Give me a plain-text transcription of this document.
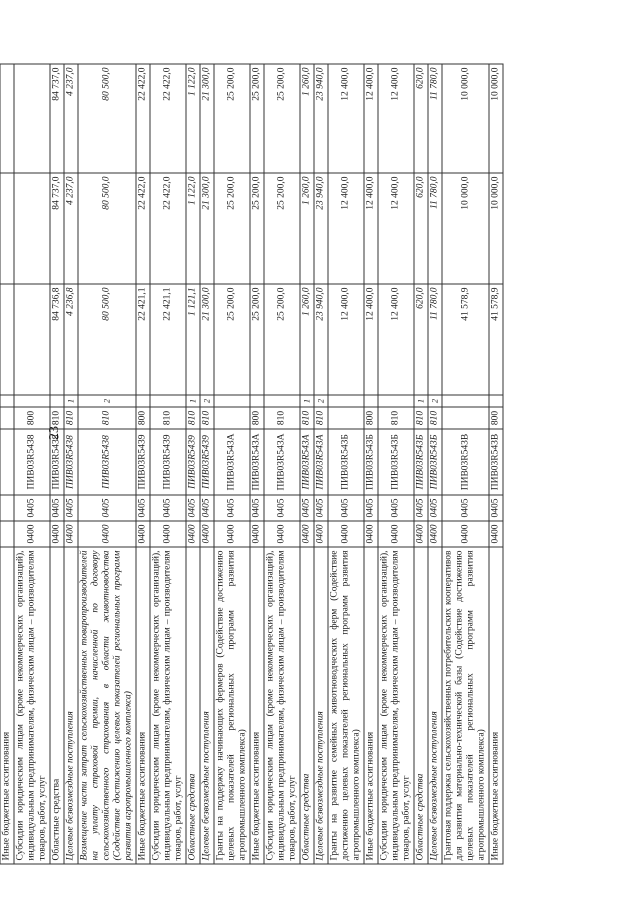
23
Иные бюджетные ассигнования								
Субсидии юридическим лицам (кроме некоммерческих организаций), индивидуальным предпринимателям, физическим лицам – производителям товаров, работ, услуг	0400	0405	ПИВ03R5438	800				
Областные средства	0400	0405	ПИВ03R5438	810		84 736,8	84 737,0	84 737,0
Целевые безвозмездные поступления	0400	0405	ПИВ03R5438	810	1	4 236,8	4 237,0	4 237,0
Возмещение части затрат сельскохозяйственных товаропроизводителей на уплату страховой премии, начисленной по договору сельскохозяйственного страхования в области животноводства (Содействие достижению целевых показателей региональных программ развития агропромышленного комплекса)	0400	0405	ПИВ03R5438	810	2	80 500,0	80 500,0	80 500,0
Иные бюджетные ассигнования	0400	0405	ПИВ03R5439	800		22 421,1	22 422,0	22 422,0
Субсидии юридическим лицам (кроме некоммерческих организаций), индивидуальным предпринимателям, физическим лицам – производителям товаров, работ, услуг	0400	0405	ПИВ03R5439	810		22 421,1	22 422,0	22 422,0
Областные средства	0400	0405	ПИВ03R5439	810	1	1 121,1	1 122,0	1 122,0
Целевые безвозмездные поступления	0400	0405	ПИВ03R5439	810	2	21 300,0	21 300,0	21 300,0
Гранты на поддержку начинающих фермеров (Содействие достижению целевых показателей региональных программ развития агропромышленного комплекса)	0400	0405	ПИВ03R543А			25 200,0	25 200,0	25 200,0
Иные бюджетные ассигнования	0400	0405	ПИВ03R543А	800		25 200,0	25 200,0	25 200,0
Субсидии юридическим лицам (кроме некоммерческих организаций), индивидуальным предпринимателям, физическим лицам – производителям товаров, работ, услуг	0400	0405	ПИВ03R543А	810		25 200,0	25 200,0	25 200,0
Областные средства	0400	0405	ПИВ03R543А	810	1	1 260,0	1 260,0	1 260,0
Целевые безвозмездные поступления	0400	0405	ПИВ03R543А	810	2	23 940,0	23 940,0	23 940,0
Гранты на развитие семейных животноводческих ферм (Содействие достижению целевых показателей региональных программ развития агропромышленного комплекса)	0400	0405	ПИВ03R543Б			12 400,0	12 400,0	12 400,0
Иные бюджетные ассигнования	0400	0405	ПИВ03R543Б	800		12 400,0	12 400,0	12 400,0
Субсидии юридическим лицам (кроме некоммерческих организаций), индивидуальным предпринимателям, физическим лицам – производителям товаров, работ, услуг	0400	0405	ПИВ03R543Б	810		12 400,0	12 400,0	12 400,0
Областные средства	0400	0405	ПИВ03R543Б	810	1	620,0	620,0	620,0
Целевые безвозмездные поступления	0400	0405	ПИВ03R543Б	810	2	11 780,0	11 780,0	11 780,0
Грантовая поддержка сельскохозяйственных потребительских кооперативов для развития материально-технической базы (Содействие достижению целевых показателей региональных программ развития агропромышленного комплекса)	0400	0405	ПИВ03R543В			41 578,9	10 000,0	10 000,0
Иные бюджетные ассигнования	0400	0405	ПИВ03R543В	800		41 578,9	10 000,0	10 000,0
